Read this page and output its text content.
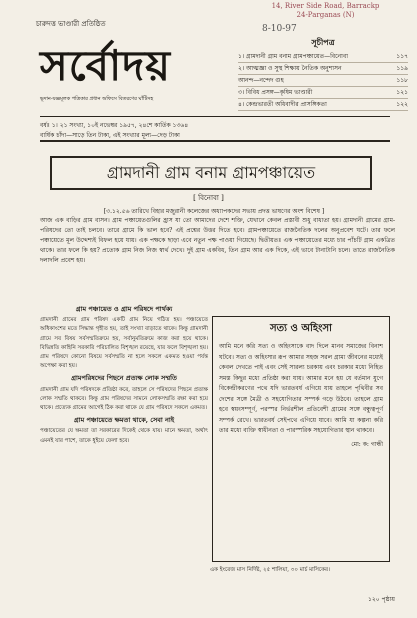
14, River Side Road, Barrackp
24-Parganas (N)
8-10-97
চারুদত্ত ভাণ্ডারী প্রতিষ্ঠিত
সর্বোদয়
ভূদান-যজ্ঞমূলক পত্রিকার প্রধান অফিসে বিতরণের ঘাঁটিসহ
সূচীপত্র
১। গ্রামদানী গ্রাম বনাম গ্রামপঞ্চায়েত—বিনোবা	১১৭
২। আত্মজ্ঞা ও সুস্থ শিক্ষায় নৈতিক অনুশাসন	১১৯
আনন্দ—নন্দেদ গুহ	১১৮
৩। বিবিধ প্রসঙ্গ—কৃষিম ভাণ্ডারী	১২১
৪। কেন্দ্রভারতী অধিবাদীর প্রাসঙ্গিকতা	১২২
বর্ষঃ ১। ২১ সংখ্যা, ১০ই নভেম্বর ১৯৫৭, ২৪শে কার্তিক ১৩৬৪
বার্ষিক চাঁদা—সাড়ে তিন টাকা, এই সংখ্যার মূল্য—দেড় টাকা
গ্রামদানী গ্রাম বনাম গ্রামপঞ্চায়েত
[ বিনোবা ]
[৩.১২.৫৬ তারিখে বিহার মজুরানী কলেজের অধ্যাপকদের সভায় প্রদত্ত ভাষণের অংশ বিশেষ ]
আজ এক বাড়ির গ্রাম বাসন। গ্রাম পঞ্চায়েতগুলির হ্রাস যা তো আমাদের দেশে শক্তি, যেখানে কেবল প্রস্তাবী শুধু বাধ্যতা হয়। গ্রামদানী গ্রামের গ্রাম-পরিষদের তো তাই চলবে। তারে গ্রামে কি ভাল হবে? এই প্রশ্নের উত্তর দিতে হবে। গ্রামপঞ্চায়েতে রাজনৈতিক দলের অনুপ্রবেশ ঘটে। তার ফলে পঞ্চায়েতে মূল উদ্দেশ্যই বিফল হয়ে যায়। এক পক্ষকে ছাড়া এবে নতুন পক্ষ পাওয়া গিয়েছে। দ্বিতীয়তঃ এক পঞ্চায়েতের মধ্যে চার পাঁচটি গ্রাম একত্রিত থাকে। তার ফলে কি হয়? প্রত্যেক গ্রাম নিজ নিজ স্বার্থ দেখে। দুই গ্রাম একবিধ, তিন গ্রাম আর এক দিকে, এই ভাবে টানাটানি চলে। তাতে রাজনৈতিক দলাদলি প্রবেশ হয়।
গ্রাম পঞ্চায়েত ও গ্রাম পরিষদে পার্থক্য

গ্রামদানী গ্রামের গ্রাম পরিষদ একটি গ্রাম নিয়ে গঠিত হয়। পঞ্চায়েতে অধিকাংশের মতে সিদ্ধান্ত গৃহীত হয়, তাই সংখ্যা বাড়াতে থাকে। কিন্তু গ্রামদানী গ্রামে সব বিষয় সর্বসম্মতিক্রমে হয়, সর্বানুমতিক্রমে কাজ করা হয়ে থাকে। বিভিন্নতি কাহিনি সরকারি পরিচালিত বিশৃঙ্খল রয়েছে, যার ফলে বিশৃঙ্খলা হয়। গ্রাম পরিষদে কোনো বিষয়ে সর্বসম্মতি না হলে সকলে একমত হওয়া পর্যন্ত অপেক্ষা করা হয়।

গ্রামপরিষদের পিছনে প্রত্যক্ষ লোক সম্মতি

গ্রামদানী গ্রাম যদি পরিষদকে প্রতিষ্ঠা করে, তাহলে সে পরিষদের পিছনে প্রত্যক্ষ লোক সম্মতি থাকবে। কিন্তু গ্রাম পরিষদের সামনে লোকসম্মতি রক্ষা করা হয়ে থাকে। প্রত্যেক গ্রামের আগেই ঠিক করা থাকে যে গ্রাম পরিষদে সকলে একমত।

গ্রাম পঞ্চায়েতে ক্ষমতা থাকে, সেবা নাই

পঞ্চায়েতের যে ক্ষমতা তা সরকারের দিকেই থেকে যায়। মানে ক্ষমতা, অর্থাৎ এমনই যার পাশে, তাকে ধুইয়ে ফেলা হবে।

সত্য ও অহিংসা
আমি মনে করি সত্য ও অহিংসাকে বাদ দিলে মানব সমাজের বিনাশ ঘটবে। সত্য ও অহিংসার রূপ আমার সহজ সরল গ্রাম্য জীবনের মধ্যেই কেবল দেখতে পাই এবং সেই সারল্য চরকায় এবং চরকার মধ্যে নিহিত সমস্ত কিছুর মধ্যে প্রতিষ্ঠা করা যায়। আমার মনে হয় যে বর্তমান যুগে বিকেন্দ্রীকরণের পথে যদি ভারতবর্ষ এগিয়ে যায় তাহলে পৃথিবীর সব দেশের সঙ্গে মৈত্রী ও সহযোগিতার সম্পর্ক গড়ে উঠবে। তাহলে গ্রাম হবে স্বয়ংসম্পূর্ণ, পরস্পর নির্ভরশীল প্রতিবেশী গ্রামের সঙ্গে বন্ধুত্বপূর্ণ সম্পর্ক রেখে। ভারতবর্ষ সেইপথে এগিয়ে যাবে। আমি যা কল্পনা করি তার মধ্যে ব্যক্তি স্বাধীনতা ও পারস্পরিক সহযোগিতার স্থান থাকবে।
মো: ক: গান্ধী
এক ইংরেজ মাস নির্দিষ্ট, ২৫ শালিয়া, ৩০ মার্চ মাসিকের।
১২০ পৃষ্ঠায়
